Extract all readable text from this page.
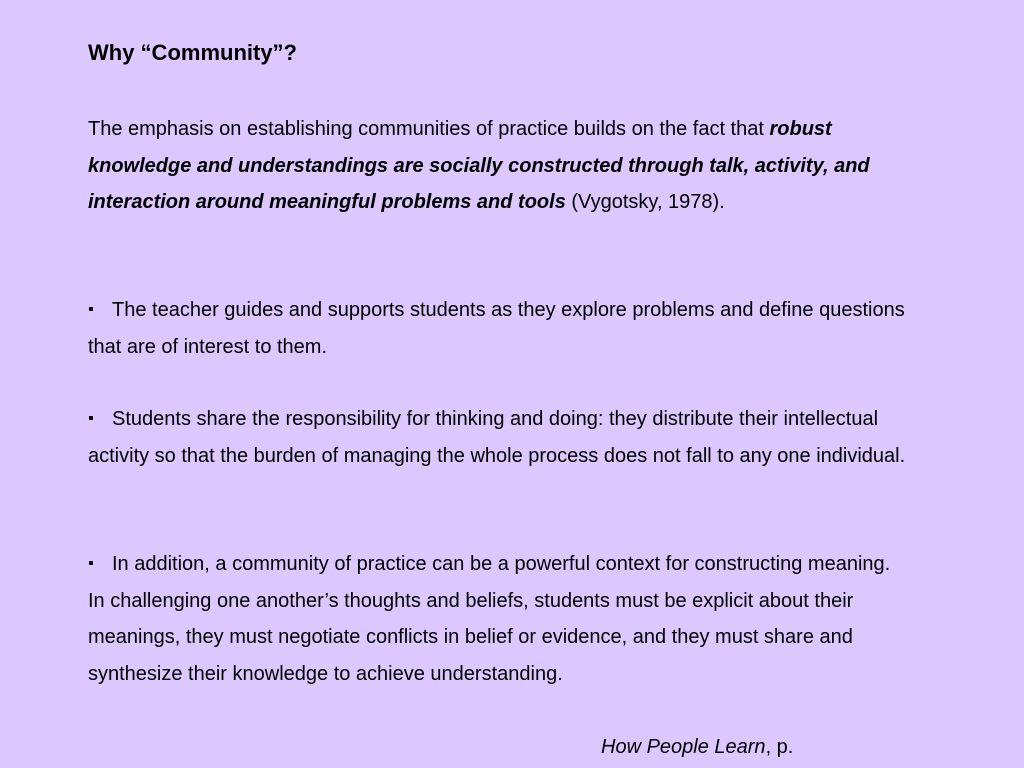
Why “Community”?
The emphasis on establishing communities of practice builds on the fact that robust knowledge and understandings are socially constructed through talk, activity, and interaction around meaningful problems and tools (Vygotsky, 1978).
▪ The teacher guides and supports students as they explore problems and define questions that are of interest to them.
▪ Students share the responsibility for thinking and doing: they distribute their intellectual activity so that the burden of managing the whole process does not fall to any one individual.
▪ In addition, a community of practice can be a powerful context for constructing meaning. In challenging one another’s thoughts and beliefs, students must be explicit about their meanings, they must negotiate conflicts in belief or evidence, and they must share and synthesize their knowledge to achieve understanding.
How People Learn, p.
